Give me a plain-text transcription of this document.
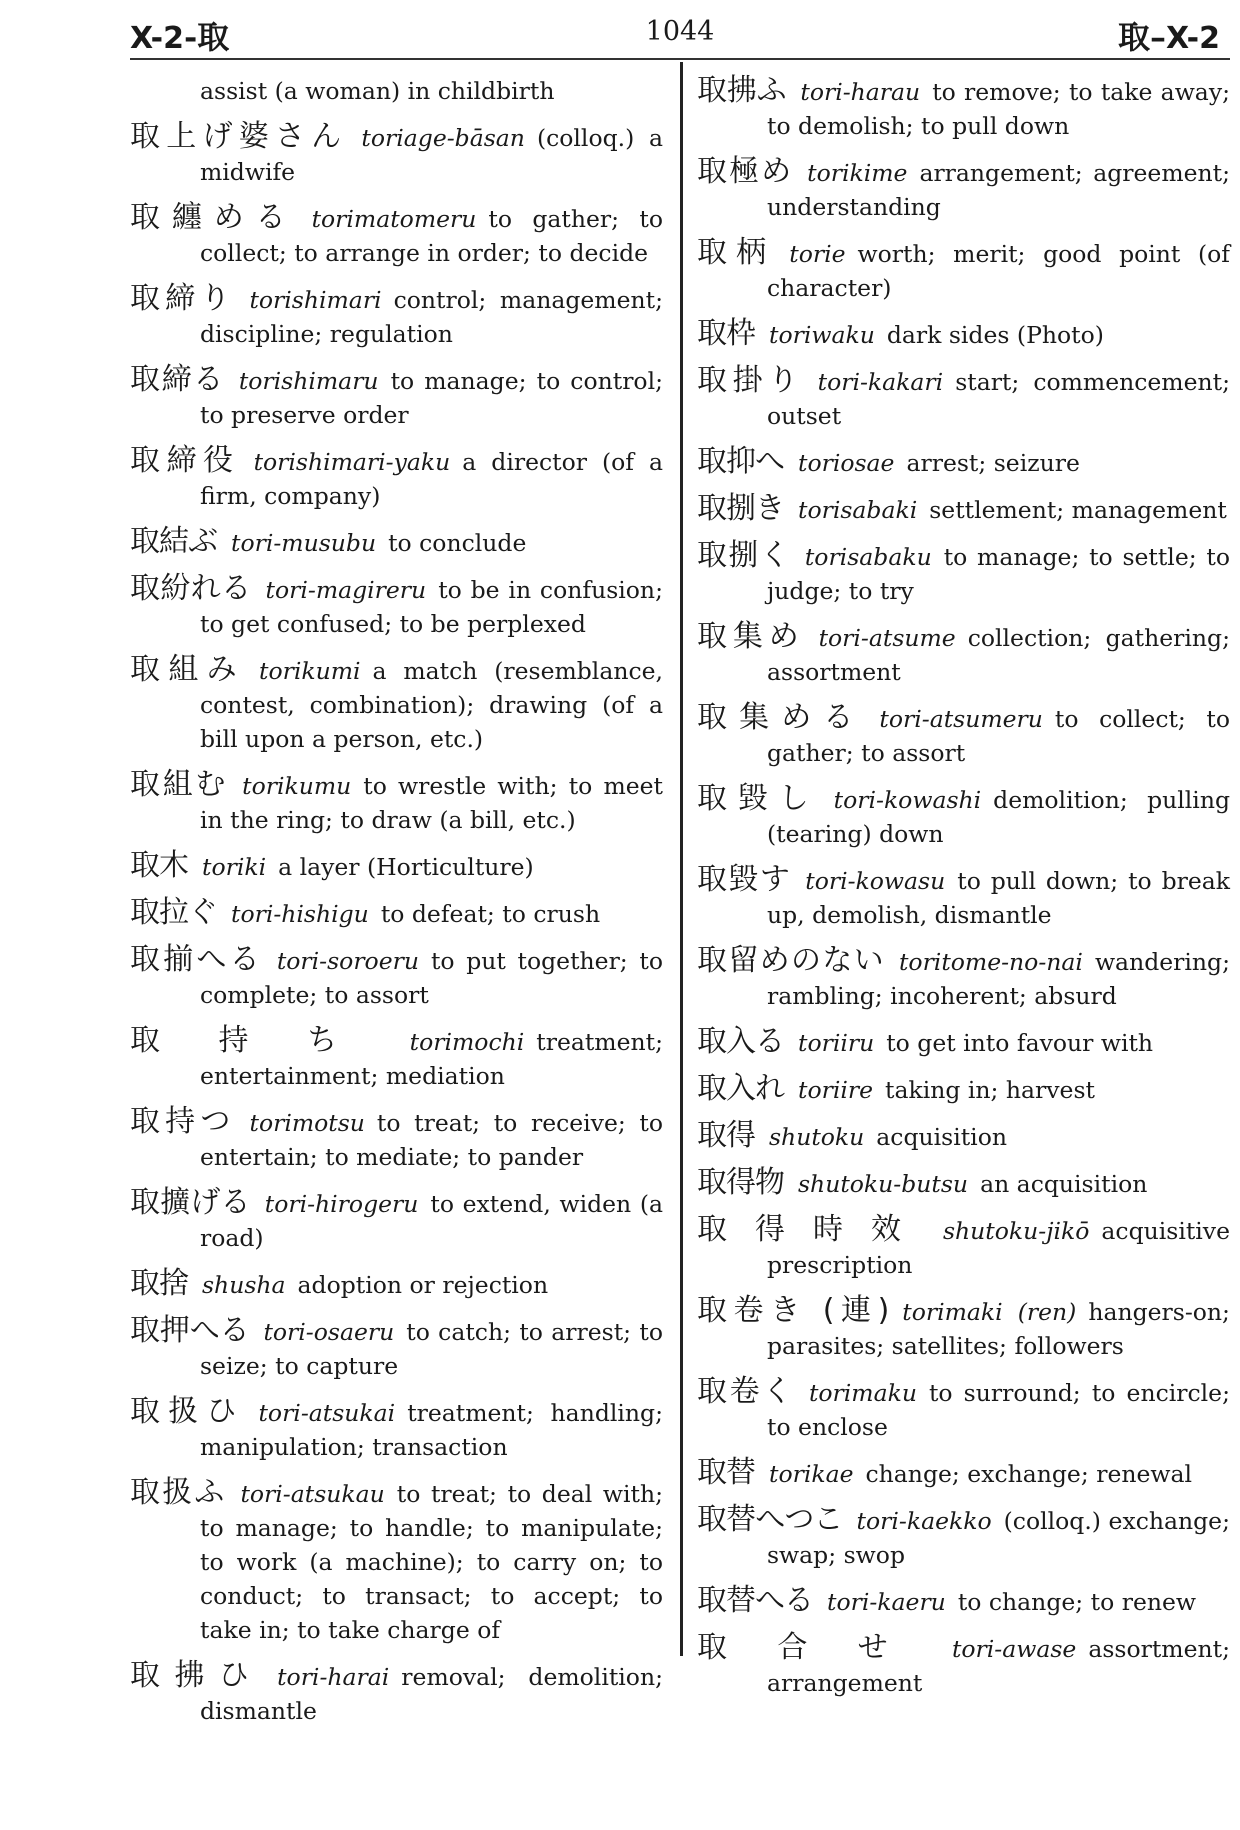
X-2-取	1044	取–X-2
assist (a woman) in childbirth
取上げ婆さん toriage-bāsan (colloq.) a midwife
取纏める torimatomeru to gather; to collect; to arrange in order; to decide
取締り torishimari control; management; discipline; regulation
取締る torishimaru to manage; to control; to preserve order
取締役 torishimari-yaku a director (of a firm, company)
取結ぶ tori-musubu to conclude
取紛れる tori-magireru to be in confusion; to get confused; to be perplexed
取組み torikumi a match (resemblance, contest, combination); drawing (of a bill upon a person, etc.)
取組む torikumu to wrestle with; to meet in the ring; to draw (a bill, etc.)
取木 toriki a layer (Horticulture)
取拉ぐ tori-hishigu to defeat; to crush
取揃へる tori-soroeru to put together; to complete; to assort
取持ち torimochi treatment; entertainment; mediation
取持つ torimotsu to treat; to receive; to entertain; to mediate; to pander
取擴げる tori-hirogeru to extend, widen (a road)
取捨 shusha adoption or rejection
取押へる tori-osaeru to catch; to arrest; to seize; to capture
取扱ひ tori-atsukai treatment; handling; manipulation; transaction
取扱ふ tori-atsukau to treat; to deal with; to manage; to handle; to manipulate; to work (a machine); to carry on; to conduct; to transact; to accept; to take in; to take charge of
取拂ひ tori-harai removal; demolition; dismantle
取拂ふ tori-harau to remove; to take away; to demolish; to pull down
取極め torikime arrangement; agreement; understanding
取柄 torie worth; merit; good point (of character)
取枠 toriwaku dark sides (Photo)
取掛り tori-kakari start; commencement; outset
取抑へ toriosae arrest; seizure
取捌き torisabaki settlement; management
取捌く torisabaku to manage; to settle; to judge; to try
取集め tori-atsume collection; gathering; assortment
取集める tori-atsumeru to collect; to gather; to assort
取毀し tori-kowashi demolition; pulling (tearing) down
取毀す tori-kowasu to pull down; to break up, demolish, dismantle
取留めのない toritome-no-nai wandering; rambling; incoherent; absurd
取入る toriiru to get into favour with
取入れ toriire taking in; harvest
取得 shutoku acquisition
取得物 shutoku-butsu an acquisition
取得時效 shutoku-jikō acquisitive prescription
取卷き (連) torimaki (ren) hangers-on; parasites; satellites; followers
取卷く torimaku to surround; to encircle; to enclose
取替 torikae change; exchange; renewal
取替へつこ tori-kaekko (colloq.) exchange; swap; swop
取替へる tori-kaeru to change; to renew
取合せ tori-awase assortment; arrangement
